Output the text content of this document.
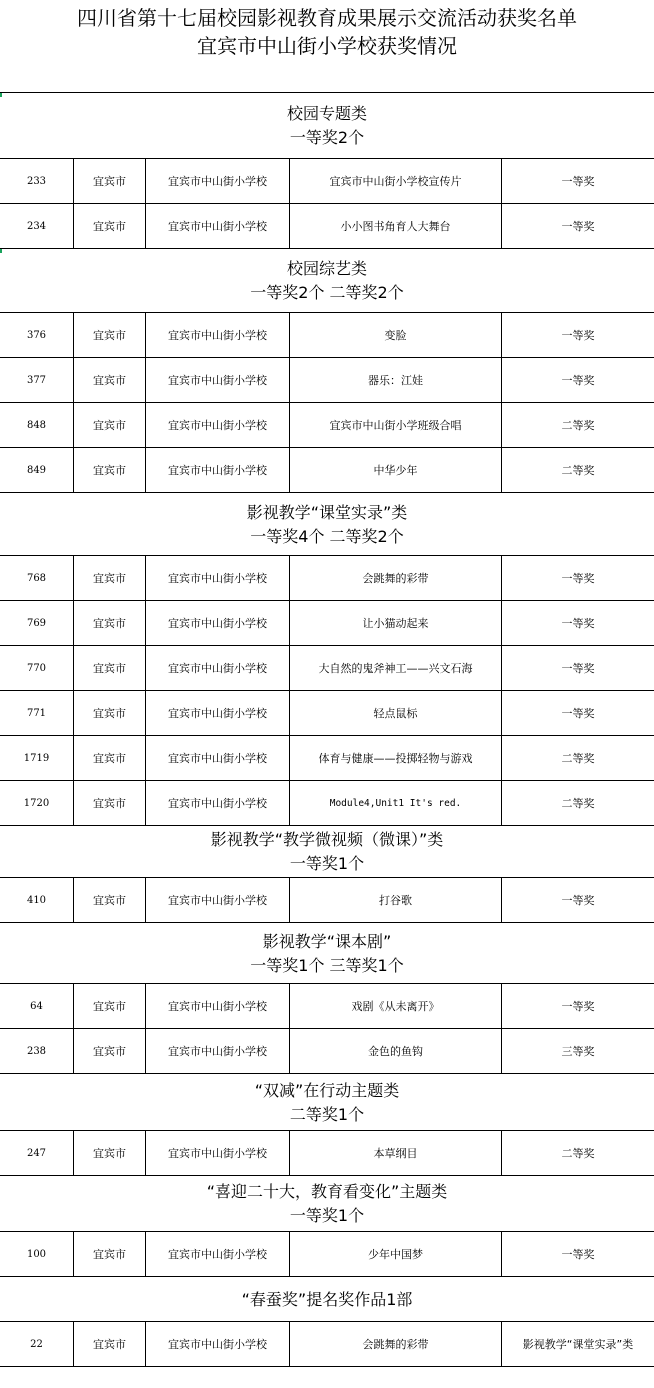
四川省第十七届校园影视教育成果展示交流活动获奖名单
宜宾市中山街小学校获奖情况
校园专题类
一等奖2个
233	宜宾市	宜宾市中山街小学校	宜宾市中山街小学校宣传片	一等奖
234	宜宾市	宜宾市中山街小学校	小小图书角育人大舞台	一等奖
校园综艺类
一等奖2个 二等奖2个
376	宜宾市	宜宾市中山街小学校	变脸	一等奖
377	宜宾市	宜宾市中山街小学校	器乐：江娃	一等奖
848	宜宾市	宜宾市中山街小学校	宜宾市中山街小学班级合唱	二等奖
849	宜宾市	宜宾市中山街小学校	中华少年	二等奖
影视教学“课堂实录”类
一等奖4个 二等奖2个
768	宜宾市	宜宾市中山街小学校	会跳舞的彩带	一等奖
769	宜宾市	宜宾市中山街小学校	让小猫动起来	一等奖
770	宜宾市	宜宾市中山街小学校	大自然的鬼斧神工——兴文石海	一等奖
771	宜宾市	宜宾市中山街小学校	轻点鼠标	一等奖
1719	宜宾市	宜宾市中山街小学校	体育与健康——投掷轻物与游戏	二等奖
1720	宜宾市	宜宾市中山街小学校	Module4,Unit1 It's red.	二等奖
影视教学“教学微视频（微课）”类
一等奖1个
410	宜宾市	宜宾市中山街小学校	打谷歌	一等奖
影视教学“课本剧”
一等奖1个 三等奖1个
64	宜宾市	宜宾市中山街小学校	戏剧《从未离开》	一等奖
238	宜宾市	宜宾市中山街小学校	金色的鱼钩	三等奖
“双减”在行动主题类
二等奖1个
247	宜宾市	宜宾市中山街小学校	本草纲目	二等奖
“喜迎二十大，教育看变化”主题类
一等奖1个
100	宜宾市	宜宾市中山街小学校	少年中国梦	一等奖
“春蚕奖”提名奖作品1部
22	宜宾市	宜宾市中山街小学校	会跳舞的彩带	影视教学“课堂实录”类
